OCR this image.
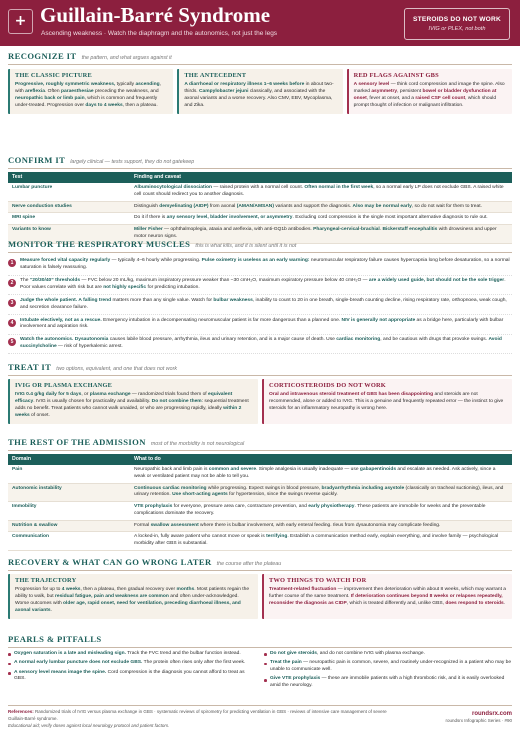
+ Guillain-Barré Syndrome
Ascending weakness · Watch the diaphragm and the autonomics, not just the legs
STEROIDS DO NOT WORK
IVIG or PLEX, not both
RECOGNIZE IT the pattern, and what argues against it
THE CLASSIC PICTURE

Progressive, roughly symmetric weakness, typically ascending, with areflexia. Often paraesthesiae preceding the weakness, and neuropathic back or limb pain, which is common and frequently under-treated. Progression over days to 4 weeks, then a plateau.

THE ANTECEDENT

A diarrhoeal or respiratory illness 1–6 weeks before in about two-thirds. Campylobacter jejuni classically, and associated with the axonal variants and a worse recovery. Also CMV, EBV, Mycoplasma, and Zika.

RED FLAGS AGAINST GBS

A sensory level — think cord compression and image the spine. Also marked asymmetry, persistent bowel or bladder dysfunction at onset, fever at onset, and a raised CSF cell count, which should prompt thought of infection or malignant infiltration.

CONFIRM IT largely clinical — tests support, they do not gatekeep
Test	Finding and caveat
Lumbar puncture	Albuminocytological dissociation — raised protein with a normal cell count. Often normal in the first week, so a normal early LP does not exclude GBS. A raised white cell count should redirect you to another diagnosis.
Nerve conduction studies	Distinguish demyelinating (AIDP) from axonal (AMAN/AMSAN) variants and support the diagnosis. Also may be normal early, so do not wait for them to treat.
MRI spine	Do it if there is any sensory level, bladder involvement, or asymmetry. Excluding cord compression is the single most important alternative diagnosis to rule out.
Variants to know	Miller Fisher — ophthalmoplegia, ataxia and areflexia, with anti-GQ1b antibodies. Pharyngeal-cervical-brachial. Bickerstaff encephalitis with drowsiness and upper motor neuron signs.
MONITOR THE RESPIRATORY MUSCLES this is what kills, and it is silent until it is not
1	Measure forced vital capacity regularly — typically 4–6 hourly while progressing. Pulse oximetry is useless as an early warning: neuromuscular respiratory failure causes hypercapnia long before desaturation, so a normal saturation is falsely reassuring.

2	The “20/30/40” thresholds — FVC below 20 mL/kg, maximum inspiratory pressure weaker than −30 cmH₂O, maximum expiratory pressure below 40 cmH₂O — are a widely used guide, but should not be the sole trigger. Poor values correlate with risk but are not highly specific for predicting intubation.

3	Judge the whole patient. A falling trend matters more than any single value. Watch for bulbar weakness, inability to count to 20 in one breath, single-breath counting decline, rising respiratory rate, orthopnoea, weak cough, and secretion clearance failure.

4	Intubate electively, not as a rescue. Emergency intubation in a decompensating neuromuscular patient is far more dangerous than a planned one. NIV is generally not appropriate as a bridge here, particularly with bulbar involvement and aspiration risk.

5	Watch the autonomics. Dysautonomia causes labile blood pressure, arrhythmia, ileus and urinary retention, and is a major cause of death. Use cardiac monitoring, and be cautious with drugs that provoke swings. Avoid succinylcholine — risk of hyperkalemic arrest.

TREAT IT two options, equivalent, and one that does not work
IVIG OR PLASMA EXCHANGE

IVIG 0.4 g/kg daily for 5 days, or plasma exchange — randomized trials found them of equivalent efficacy. IVIG is usually chosen for practicality and availability. Do not combine them: sequential treatment adds no benefit. Treat patients who cannot walk unaided, or who are progressing rapidly, ideally within 2 weeks of onset.

CORTICOSTEROIDS DO NOT WORK

Oral and intravenous steroid treatment of GBS has been disappointing and steroids are not recommended, alone or added to IVIG. This is a genuine and frequently repeated error — the instinct to give steroids for an inflammatory neuropathy is wrong here.

THE REST OF THE ADMISSION most of the morbidity is not neurological
Domain	What to do
Pain	Neuropathic back and limb pain is common and severe. Simple analgesia is usually inadequate — use gabapentinoids and escalate as needed. Ask actively, since a weak or ventilated patient may not be able to tell you.
Autonomic instability	Continuous cardiac monitoring while progressing. Expect swings in blood pressure, bradyarrhythmia including asystole (classically on tracheal suctioning), ileus, and urinary retention. Use short-acting agents for hypertension, since the swings reverse quickly.
Immobility	VTE prophylaxis for everyone, pressure area care, contracture prevention, and early physiotherapy. These patients are immobile for weeks and the preventable complications dominate the recovery.
Nutrition & swallow	Formal swallow assessment where there is bulbar involvement, with early enteral feeding. Ileus from dysautonomia may complicate feeding.
Communication	A locked-in, fully aware patient who cannot move or speak is terrifying. Establish a communication method early, explain everything, and involve family — psychological morbidity after GBS is substantial.
RECOVERY & WHAT CAN GO WRONG LATER the course after the plateau
THE TRAJECTORY

Progression for up to 4 weeks, then a plateau, then gradual recovery over months. Most patients regain the ability to walk, but residual fatigue, pain and weakness are common and often under-acknowledged. Worse outcomes with older age, rapid onset, need for ventilation, preceding diarrhoeal illness, and axonal variants.

TWO THINGS TO WATCH FOR

Treatment-related fluctuation — improvement then deterioration within about 8 weeks, which may warrant a further course of the same treatment. If deterioration continues beyond 8 weeks or relapses repeatedly, reconsider the diagnosis as CIDP, which is treated differently and, unlike GBS, does respond to steroids.

PEARLS & PITFALLS
Oxygen saturation is a late and misleading sign. Track the FVC trend and the bulbar function instead.
A normal early lumbar puncture does not exclude GBS. The protein often rises only after the first week.
A sensory level means image the spine. Cord compression is the diagnosis you cannot afford to treat as GBS.
Do not give steroids, and do not combine IVIG with plasma exchange.
Treat the pain — neuropathic pain is common, severe, and routinely under-recognized in a patient who may be unable to communicate well.
Give VTE prophylaxis — these are immobile patients with a high thrombotic risk, and it is easily overlooked amid the neurology.
References: Randomized trials of IVIG versus plasma exchange in GBS · systematic reviews of spirometry for predicting ventilation in GBS · reviews of intensive care management of severe Guillain-Barré syndrome.
Educational aid; verify doses against local neurology protocol and patient factors.
roundsrx.com
roundsrx Infographic Series · #90
